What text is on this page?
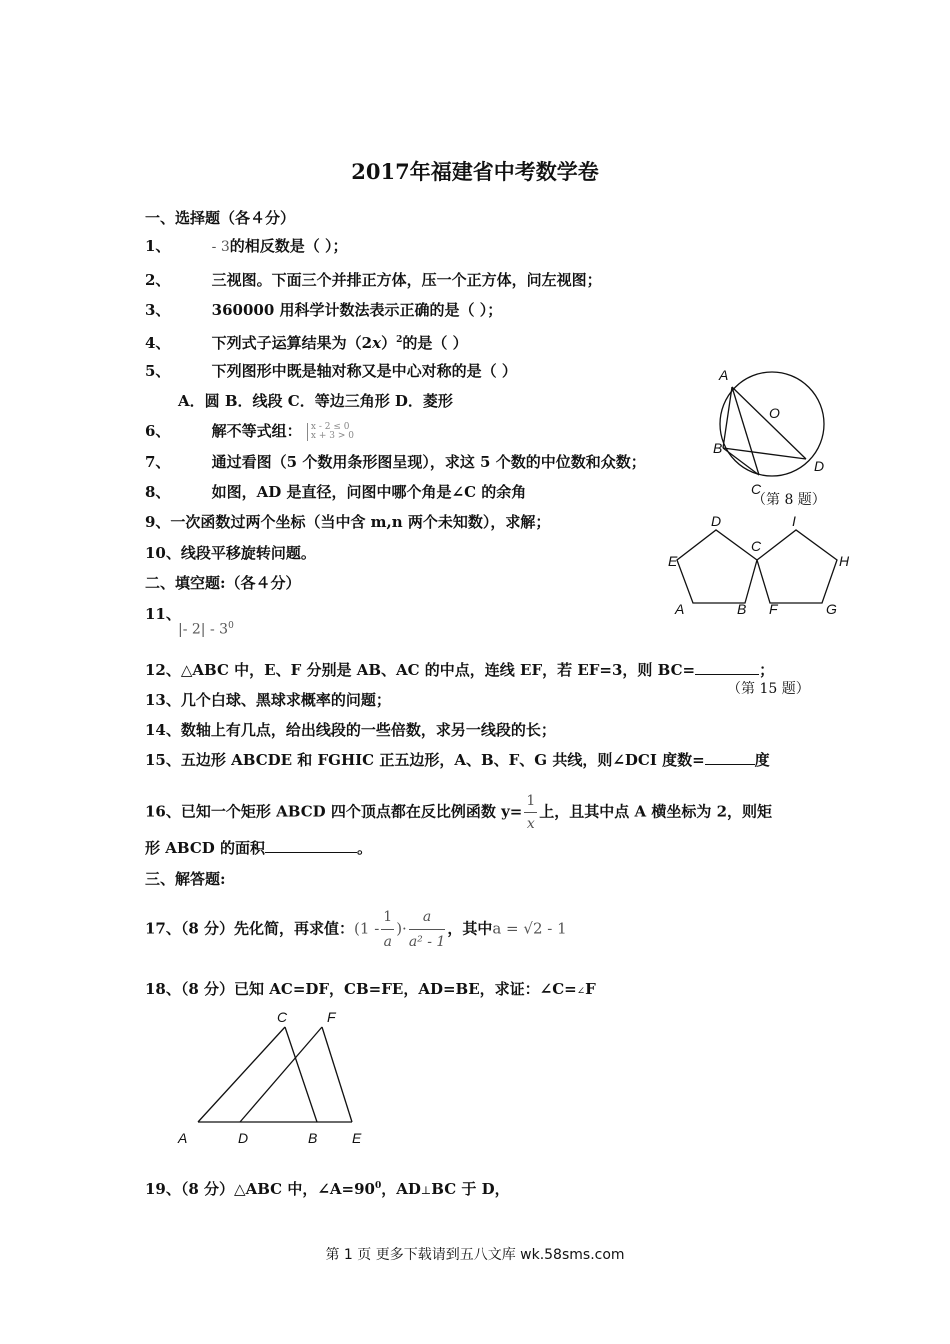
2017年福建省中考数学卷
一、选择题（各４分）
1、	- 3的相反数是（ ）；
2、	三视图。下面三个并排正方体，压一个正方体，问左视图；
3、	360000 用科学计数法表示正确的是（ ）；
4、	下列式子运算结果为$(2x)^2$的是（ ）
5、	下列图形中既是轴对称又是中心对称的是（ ）
A．圆 B．线段 C．等边三角形 D．菱形
6、	解不等式组： x - 2 ≤ 0
x + 3 > 0
7、	通过看图（5 个数用条形图呈现），求这 5 个数的中位数和众数；
8、	如图，AD 是直径，问图中哪个角是∠C 的余角
9、一次函数过两个坐标（当中含 m,n 两个未知数），求解；
10、线段平移旋转问题。
二、填空题:（各４分）
11、
|- $2| - 3^0$
12、△ABC 中，E、F 分别是 AB、AC 的中点，连线 EF，若 EF=3，则 BC=	；
13、几个白球、黑球求概率的问题；
14、数轴上有几点，给出线段的一些倍数，求另一线段的长；
15、五边形 ABCDE 和 FGHIC 正五边形，A、B、F、G 共线，则∠DCI 度数=	度
16、已知一个矩形 ABCD 四个顶点都在反比例函数 $y= \frac{1}{x}$ 上，且其中点 A 横坐标为 2，则矩
形 ABCD 的面积	。
三、解答题:
17、（8 分）先化简，再求值：($1 - \frac{1}{a}$ )· $\frac{a}{\text{a² - 1}}$ ，其中a = √2 - 1
18、（8 分）已知 AC=DF，CB=FE，AD=BE，求证：∠C=∠F
19、（8 分）△ABC 中，$\angle A=90^0$，AD⊥BC 于 D，
A
O
B
D
C
（第 8 题）
D	I
C
E	H
A	B F	G
（第 15 题）
C	F
A	D	B E
第 1 页 更多下载请到五八文库 wk.58sms.com
